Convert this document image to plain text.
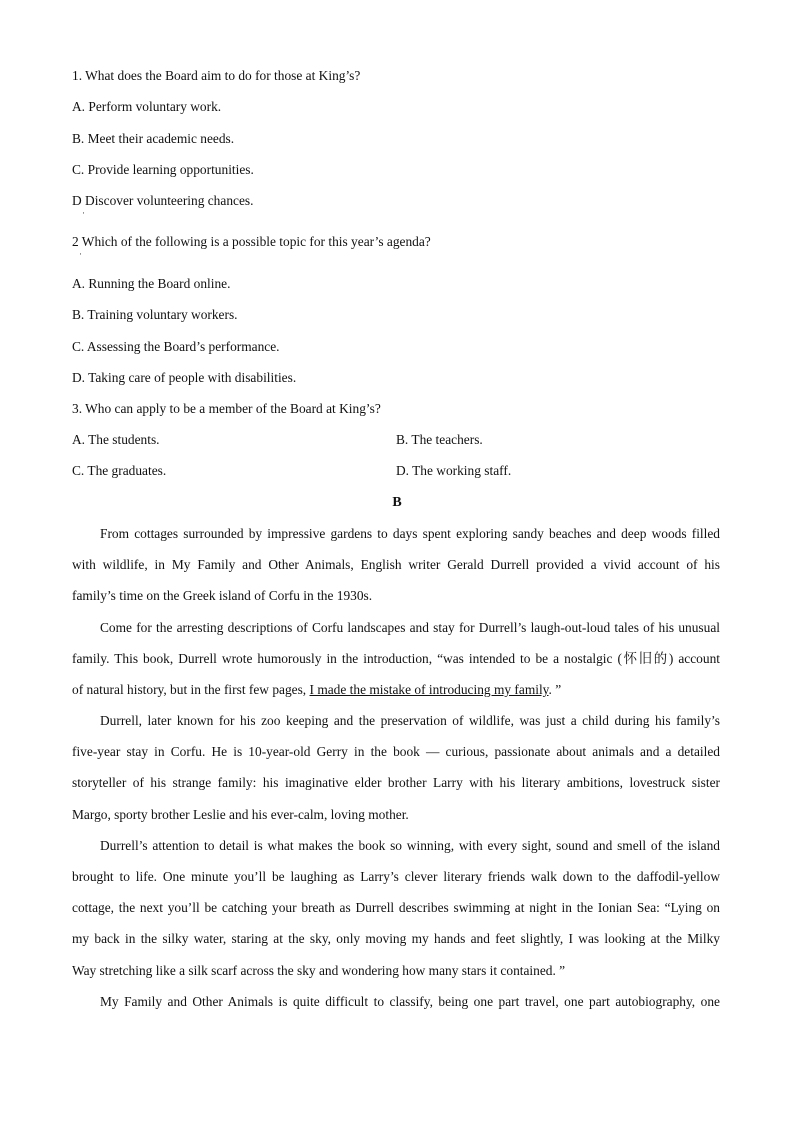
1. What does the Board aim to do for those at King’s?
A. Perform voluntary work.
B. Meet their academic needs.
C. Provide learning opportunities.
D Discover volunteering chances.
·
2 Which of the following is a possible topic for this year’s agenda?
·
A. Running the Board online.
B. Training voluntary workers.
C. Assessing the Board’s performance.
D. Taking care of people with disabilities.
3. Who can apply to be a member of the Board at King’s?
A. The students.	B. The teachers.
C. The graduates.	D. The working staff.
B
From cottages surrounded by impressive gardens to days spent exploring sandy beaches and deep woods filled
with wildlife, in My Family and Other Animals, English writer Gerald Durrell provided a vivid account of his
family’s time on the Greek island of Corfu in the 1930s.
Come for the arresting descriptions of Corfu landscapes and stay for Durrell’s laugh-out-loud tales of his unusual
family. This book, Durrell wrote humorously in the introduction, “was intended to be a nostalgic (怀旧的) account
of natural history, but in the first few pages, I made the mistake of introducing my family. ”
Durrell, later known for his zoo keeping and the preservation of wildlife, was just a child during his family’s
five-year stay in Corfu. He is 10-year-old Gerry in the book — curious, passionate about animals and a detailed
storyteller of his strange family: his imaginative elder brother Larry with his literary ambitions, lovestruck sister
Margo, sporty brother Leslie and his ever-calm, loving mother.
Durrell’s attention to detail is what makes the book so winning, with every sight, sound and smell of the island
brought to life. One minute you’ll be laughing as Larry’s clever literary friends walk down to the daffodil-yellow
cottage, the next you’ll be catching your breath as Durrell describes swimming at night in the Ionian Sea: “Lying on
my back in the silky water, staring at the sky, only moving my hands and feet slightly, I was looking at the Milky
Way stretching like a silk scarf across the sky and wondering how many stars it contained. ”
My Family and Other Animals is quite difficult to classify, being one part travel, one part autobiography, one
